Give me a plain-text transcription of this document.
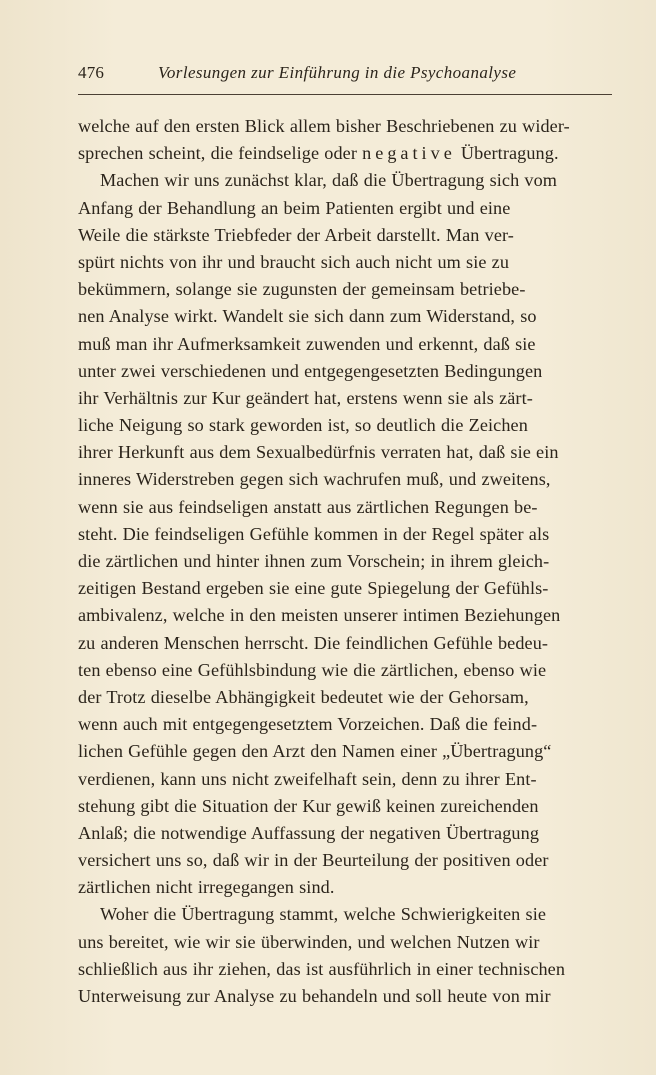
476	Vorlesungen zur Einführung in die Psychoanalyse
welche auf den ersten Blick allem bisher Beschriebenen zu wider-
sprechen scheint, die feindselige oder negative Übertragung.
Machen wir uns zunächst klar, daß die Übertragung sich vom
Anfang der Behandlung an beim Patienten ergibt und eine
Weile die stärkste Triebfeder der Arbeit darstellt. Man ver-
spürt nichts von ihr und braucht sich auch nicht um sie zu
bekümmern, solange sie zugunsten der gemeinsam betriebe-
nen Analyse wirkt. Wandelt sie sich dann zum Widerstand, so
muß man ihr Aufmerksamkeit zuwenden und erkennt, daß sie
unter zwei verschiedenen und entgegengesetzten Bedingungen
ihr Verhältnis zur Kur geändert hat, erstens wenn sie als zärt-
liche Neigung so stark geworden ist, so deutlich die Zeichen
ihrer Herkunft aus dem Sexualbedürfnis verraten hat, daß sie ein
inneres Widerstreben gegen sich wachrufen muß, und zweitens,
wenn sie aus feindseligen anstatt aus zärtlichen Regungen be-
steht. Die feindseligen Gefühle kommen in der Regel später als
die zärtlichen und hinter ihnen zum Vorschein; in ihrem gleich-
zeitigen Bestand ergeben sie eine gute Spiegelung der Gefühls-
ambivalenz, welche in den meisten unserer intimen Beziehungen
zu anderen Menschen herrscht. Die feindlichen Gefühle bedeu-
ten ebenso eine Gefühlsbindung wie die zärtlichen, ebenso wie
der Trotz dieselbe Abhängigkeit bedeutet wie der Gehorsam,
wenn auch mit entgegengesetztem Vorzeichen. Daß die feind-
lichen Gefühle gegen den Arzt den Namen einer „Übertragung“
verdienen, kann uns nicht zweifelhaft sein, denn zu ihrer Ent-
stehung gibt die Situation der Kur gewiß keinen zureichenden
Anlaß; die notwendige Auffassung der negativen Übertragung
versichert uns so, daß wir in der Beurteilung der positiven oder
zärtlichen nicht irregegangen sind.
Woher die Übertragung stammt, welche Schwierigkeiten sie
uns bereitet, wie wir sie überwinden, und welchen Nutzen wir
schließlich aus ihr ziehen, das ist ausführlich in einer technischen
Unterweisung zur Analyse zu behandeln und soll heute von mir
